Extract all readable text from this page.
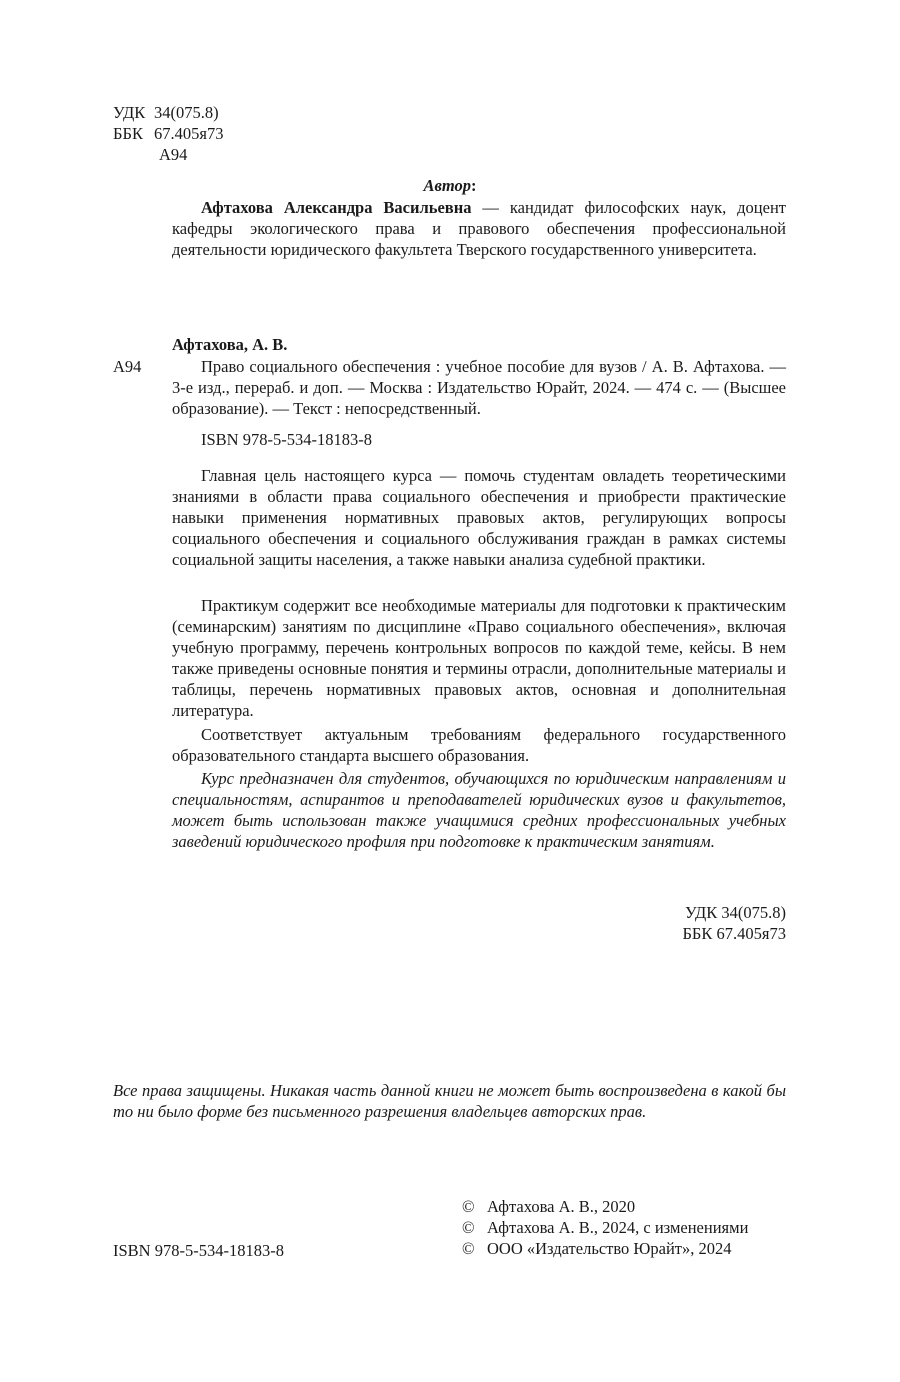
УДК 34(075.8)
ББК 67.405я73
А94

Автор:

Афтахова Александра Васильевна — кандидат философских наук, доцент кафедры экологического права и правового обеспечения профессиональной деятельности юридического факультета Тверского государственного университета.

Афтахова, А. В.

А94	Право социального обеспечения : учебное пособие для вузов / А. В. Афтахова. — 3-е изд., перераб. и доп. — Москва : Издательство Юрайт, 2024. — 474 с. — (Высшее образование). — Текст : непосредственный.

ISBN 978-5-534-18183-8

Главная цель настоящего курса — помочь студентам овладеть теоретическими знаниями в области права социального обеспечения и приобрести практические навыки применения нормативных правовых актов, регулирующих вопросы социального обеспечения и социального обслуживания граждан в рамках системы социальной защиты населения, а также навыки анализа судебной практики.

Практикум содержит все необходимые материалы для подготовки к практическим (семинарским) занятиям по дисциплине «Право социального обеспечения», включая учебную программу, перечень контрольных вопросов по каждой теме, кейсы. В нем также приведены основные понятия и термины отрасли, дополнительные материалы и таблицы, перечень нормативных правовых актов, основная и дополнительная литература.

Соответствует актуальным требованиям федерального государственного образовательного стандарта высшего образования.

Курс предназначен для студентов, обучающихся по юридическим направлениям и специальностям, аспирантов и преподавателей юридических вузов и факультетов, может быть использован также учащимися средних профессиональных учебных заведений юридического профиля при подготовке к практическим занятиям.

УДК 34(075.8)
ББК 67.405я73

Все права защищены. Никакая часть данной книги не может быть воспроизведена в какой бы то ни было форме без письменного разрешения владельцев авторских прав.

© Афтахова А. В., 2020
© Афтахова А. В., 2024, с изменениями
© ООО «Издательство Юрайт», 2024

ISBN 978-5-534-18183-8
